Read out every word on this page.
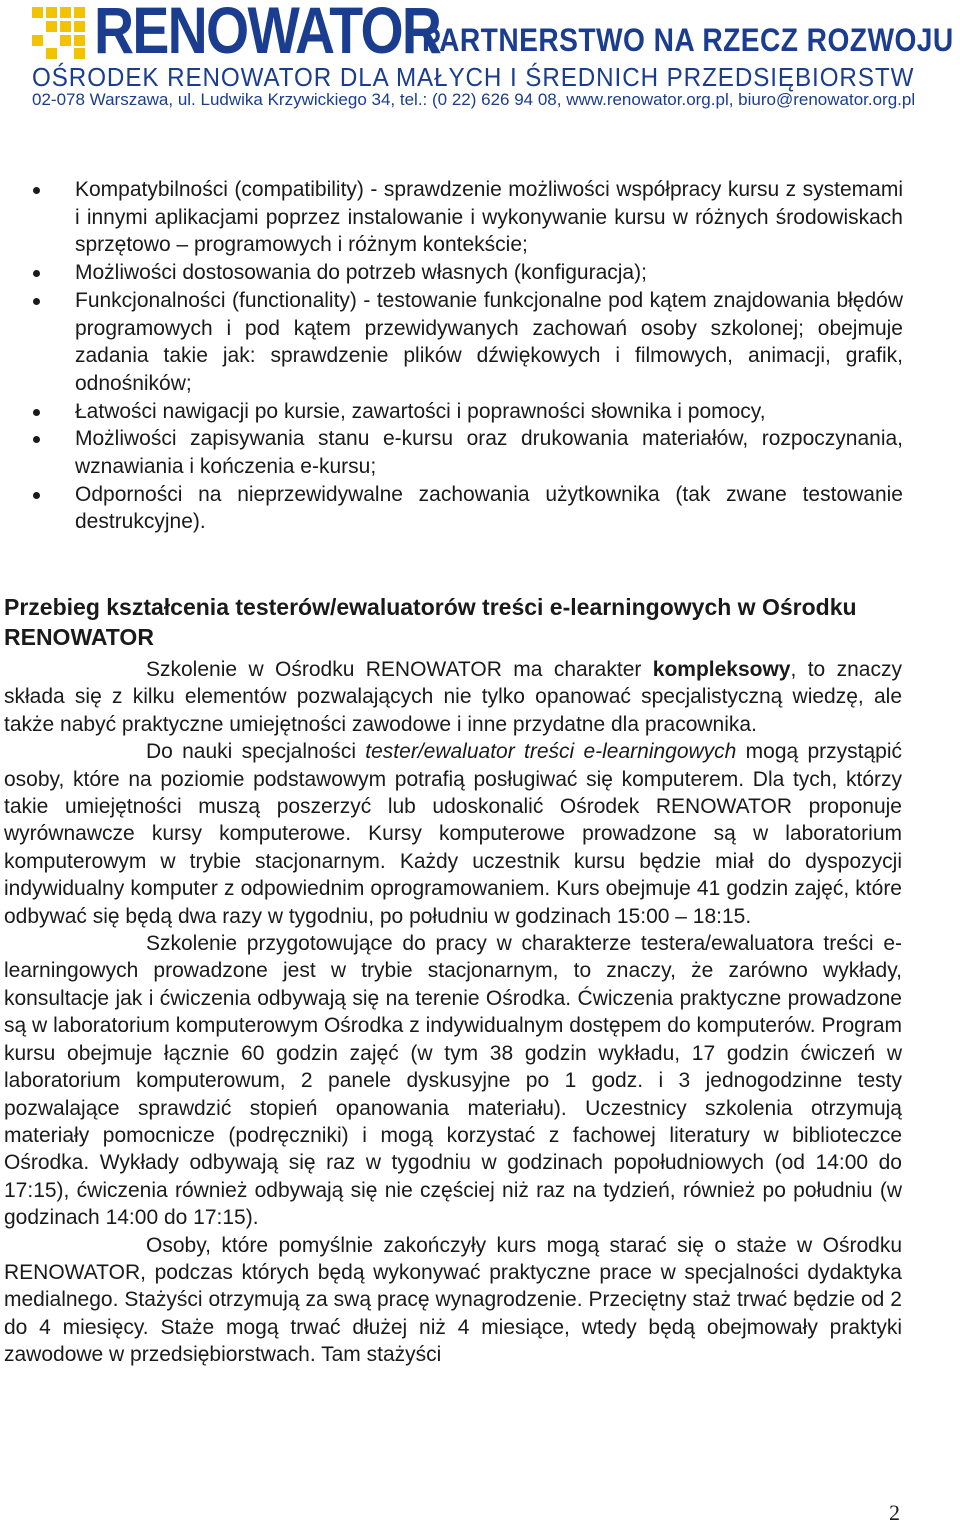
RENOWATOR
PARTNERSTWO NA RZECZ ROZWOJU
OŚRODEK RENOWATOR DLA MAŁYCH I ŚREDNICH PRZEDSIĘBIORSTW
02-078 Warszawa, ul. Ludwika Krzywickiego 34, tel.: (0 22) 626 94 08, www.renowator.org.pl, biuro@renowator.org.pl
Kompatybilności (compatibility) - sprawdzenie możliwości współpracy kursu z systemami i innymi aplikacjami poprzez instalowanie i wykonywanie kursu w różnych środowiskach sprzętowo – programowych i różnym kontekście;
Możliwości dostosowania do potrzeb własnych (konfiguracja);
Funkcjonalności (functionality) - testowanie funkcjonalne pod kątem znajdowania błędów programowych i pod kątem przewidywanych zachowań osoby szkolonej; obejmuje zadania takie jak: sprawdzenie plików dźwiękowych i filmowych, animacji, grafik, odnośników;
Łatwości nawigacji po kursie, zawartości i poprawności słownika i pomocy,
Możliwości zapisywania stanu e-kursu oraz drukowania materiałów, rozpoczynania, wznawiania i kończenia e-kursu;
Odporności na nieprzewidywalne zachowania użytkownika (tak zwane testowanie destrukcyjne).
Przebieg kształcenia testerów/ewaluatorów treści e-learningowych w Ośrodku RENOWATOR

Szkolenie w Ośrodku RENOWATOR ma charakter kompleksowy, to znaczy składa się z kilku elementów pozwalających nie tylko opanować specjalistyczną wiedzę, ale także nabyć praktyczne umiejętności zawodowe i inne przydatne dla pracownika.

Do nauki specjalności tester/ewaluator treści e-learningowych mogą przystąpić osoby, które na poziomie podstawowym potrafią posługiwać się komputerem. Dla tych, którzy takie umiejętności muszą poszerzyć lub udoskonalić Ośrodek RENOWATOR proponuje wyrównawcze kursy komputerowe. Kursy komputerowe prowadzone są w laboratorium komputerowym w trybie stacjonarnym. Każdy uczestnik kursu będzie miał do dyspozycji indywidualny komputer z odpowiednim oprogramowaniem. Kurs obejmuje 41 godzin zajęć, które odbywać się będą dwa razy w tygodniu, po południu w godzinach 15:00 – 18:15.

Szkolenie przygotowujące do pracy w charakterze testera/ewaluatora treści e-learningowych prowadzone jest w trybie stacjonarnym, to znaczy, że zarówno wykłady, konsultacje jak i ćwiczenia odbywają się na terenie Ośrodka. Ćwiczenia praktyczne prowadzone są w laboratorium komputerowym Ośrodka z indywidualnym dostępem do komputerów. Program kursu obejmuje łącznie 60 godzin zajęć (w tym 38 godzin wykładu, 17 godzin ćwiczeń w laboratorium komputerowum, 2 panele dyskusyjne po 1 godz. i 3 jednogodzinne testy pozwalające sprawdzić stopień opanowania materiału). Uczestnicy szkolenia otrzymują materiały pomocnicze (podręczniki) i mogą korzystać z fachowej literatury w biblioteczce Ośrodka. Wykłady odbywają się raz w tygodniu w godzinach popołudniowych (od 14:00 do 17:15), ćwiczenia również odbywają się nie częściej niż raz na tydzień, również po południu (w godzinach 14:00 do 17:15).

Osoby, które pomyślnie zakończyły kurs mogą starać się o staże w Ośrodku RENOWATOR, podczas których będą wykonywać praktyczne prace w specjalności dydaktyka medialnego. Stażyści otrzymują za swą pracę wynagrodzenie. Przeciętny staż trwać będzie od 2 do 4 miesięcy. Staże mogą trwać dłużej niż 4 miesiące, wtedy będą obejmowały praktyki zawodowe w przedsiębiorstwach. Tam stażyści

2
